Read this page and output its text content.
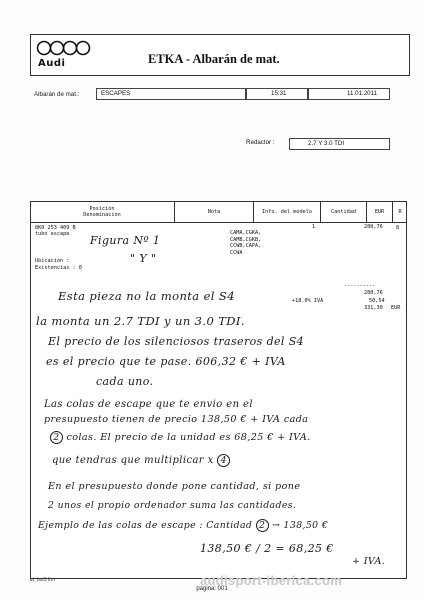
Audi	ETKA - Albarán de mat.
Albarán de mat.:	ESCAPES	15:31	11.01.2011
Redactor :	2.7 Y 3.0 TDI
Posición
Denominación
Nota	Info. del modelo	Cantidad	EUR	R
8K0 253 409 B
tubo escape	CAMA,CGKA,
CAMB,CGKB,
CCWB,CAPA,
CCWA
1	280,76	8
Ubicación :
Existencias : 0
+18.0% IVA
----------
280,76
50,54
331,30 EUR
Figura Nº 1
" Y "
Esta pieza no la monta el S4
la monta un 2.7 TDI y un 3.0 TDI.
El precio de los silenciosos traseros del S4
es el precio que te pase. 606,32 € + IVA
cada uno.
Las colas de escape que te envio en el
presupuesto tienen de precio 138,50 € + IVA cada
2 colas. El precio de la unidad es 68,25 € + IVA.
que tendras que multiplicar x 4
En el presupuesto donde pone cantidad, si pone
2 unos el propio ordenador suma las cantidades.
Ejemplo de las colas de escape : Cantidad 2 → 138,50 €
138,50 € / 2 = 68,25 €
+ IVA.
et_bst1.frm	audisport-iberica.com
pagina: 001
